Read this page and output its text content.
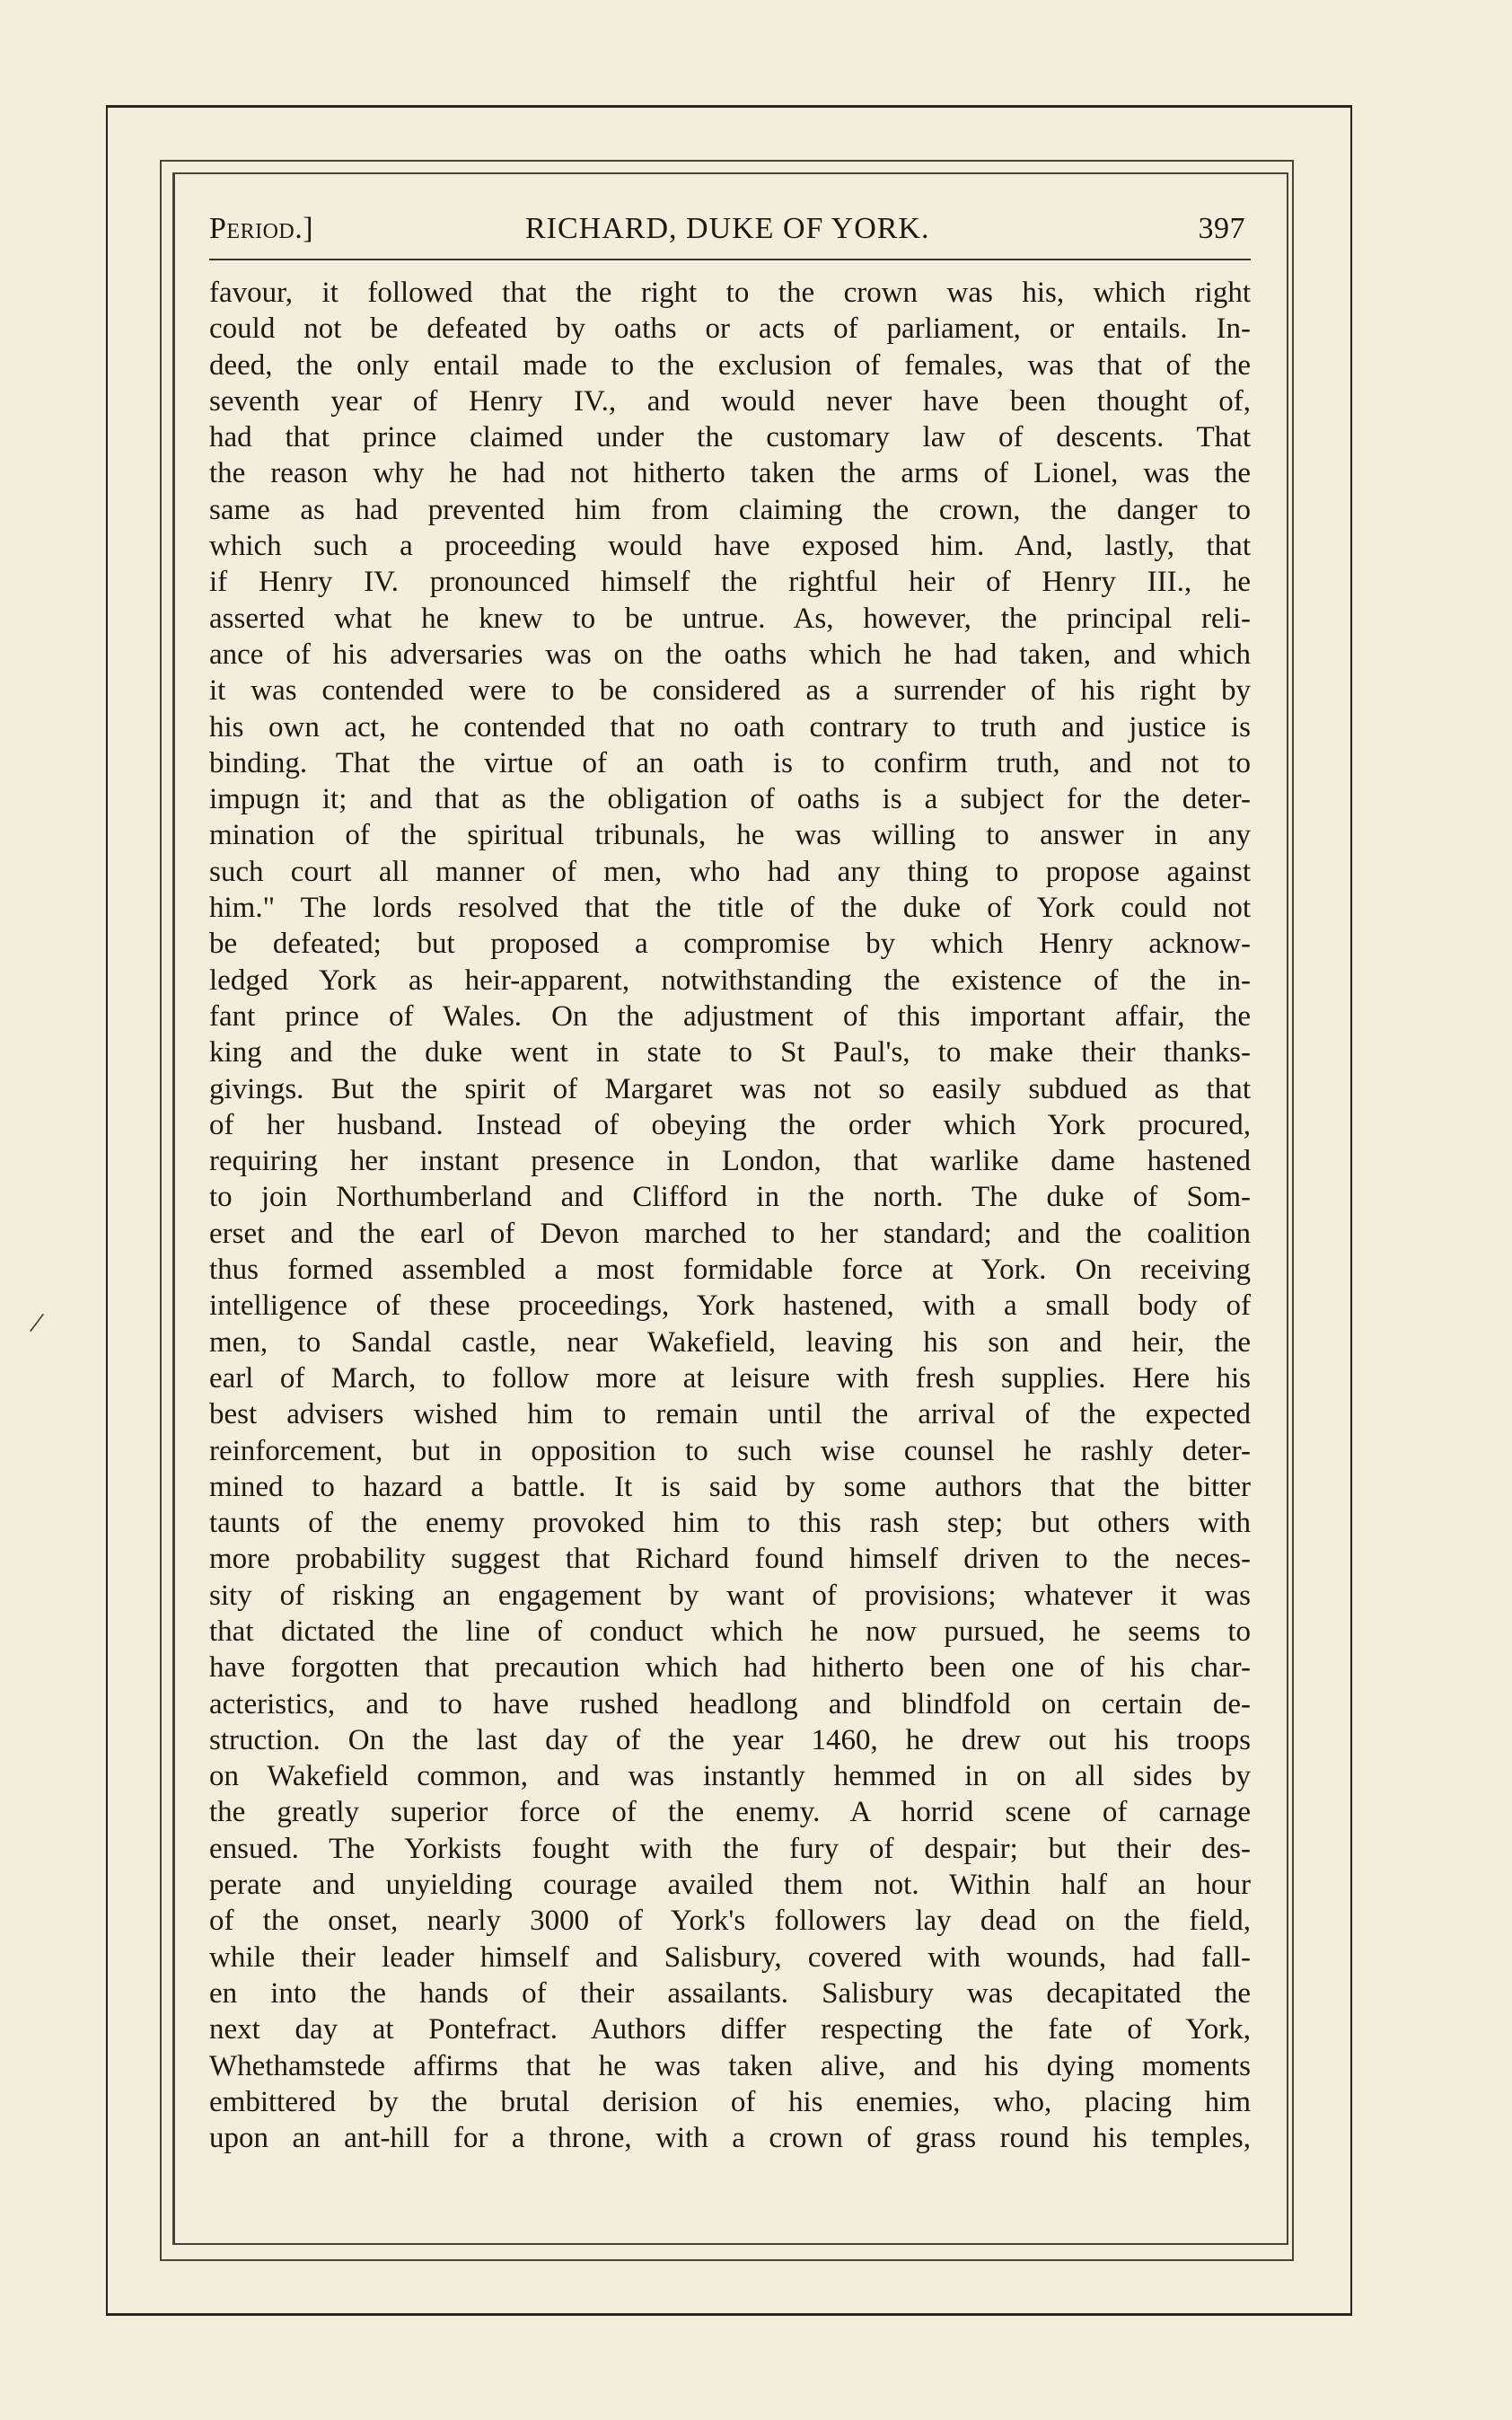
Period.]	RICHARD, DUKE OF YORK.	397
/
favour, it followed that the right to the crown was his, which right
could not be defeated by oaths or acts of parliament, or entails. In-
deed, the only entail made to the exclusion of females, was that of the
seventh year of Henry IV., and would never have been thought of,
had that prince claimed under the customary law of descents. That
the reason why he had not hitherto taken the arms of Lionel, was the
same as had prevented him from claiming the crown, the danger to
which such a proceeding would have exposed him. And, lastly, that
if Henry IV. pronounced himself the rightful heir of Henry III., he
asserted what he knew to be untrue. As, however, the principal reli-
ance of his adversaries was on the oaths which he had taken, and which
it was contended were to be considered as a surrender of his right by
his own act, he contended that no oath contrary to truth and justice is
binding. That the virtue of an oath is to confirm truth, and not to
impugn it; and that as the obligation of oaths is a subject for the deter-
mination of the spiritual tribunals, he was willing to answer in any
such court all manner of men, who had any thing to propose against
him." The lords resolved that the title of the duke of York could not
be defeated; but proposed a compromise by which Henry acknow-
ledged York as heir-apparent, notwithstanding the existence of the in-
fant prince of Wales. On the adjustment of this important affair, the
king and the duke went in state to St Paul's, to make their thanks-
givings. But the spirit of Margaret was not so easily subdued as that
of her husband. Instead of obeying the order which York procured,
requiring her instant presence in London, that warlike dame hastened
to join Northumberland and Clifford in the north. The duke of Som-
erset and the earl of Devon marched to her standard; and the coalition
thus formed assembled a most formidable force at York. On receiving
intelligence of these proceedings, York hastened, with a small body of
men, to Sandal castle, near Wakefield, leaving his son and heir, the
earl of March, to follow more at leisure with fresh supplies. Here his
best advisers wished him to remain until the arrival of the expected
reinforcement, but in opposition to such wise counsel he rashly deter-
mined to hazard a battle. It is said by some authors that the bitter
taunts of the enemy provoked him to this rash step; but others with
more probability suggest that Richard found himself driven to the neces-
sity of risking an engagement by want of provisions; whatever it was
that dictated the line of conduct which he now pursued, he seems to
have forgotten that precaution which had hitherto been one of his char-
acteristics, and to have rushed headlong and blindfold on certain de-
struction. On the last day of the year 1460, he drew out his troops
on Wakefield common, and was instantly hemmed in on all sides by
the greatly superior force of the enemy. A horrid scene of carnage
ensued. The Yorkists fought with the fury of despair; but their des-
perate and unyielding courage availed them not. Within half an hour
of the onset, nearly 3000 of York's followers lay dead on the field,
while their leader himself and Salisbury, covered with wounds, had fall-
en into the hands of their assailants. Salisbury was decapitated the
next day at Pontefract. Authors differ respecting the fate of York,
Whethamstede affirms that he was taken alive, and his dying moments
embittered by the brutal derision of his enemies, who, placing him
upon an ant-hill for a throne, with a crown of grass round his temples,
